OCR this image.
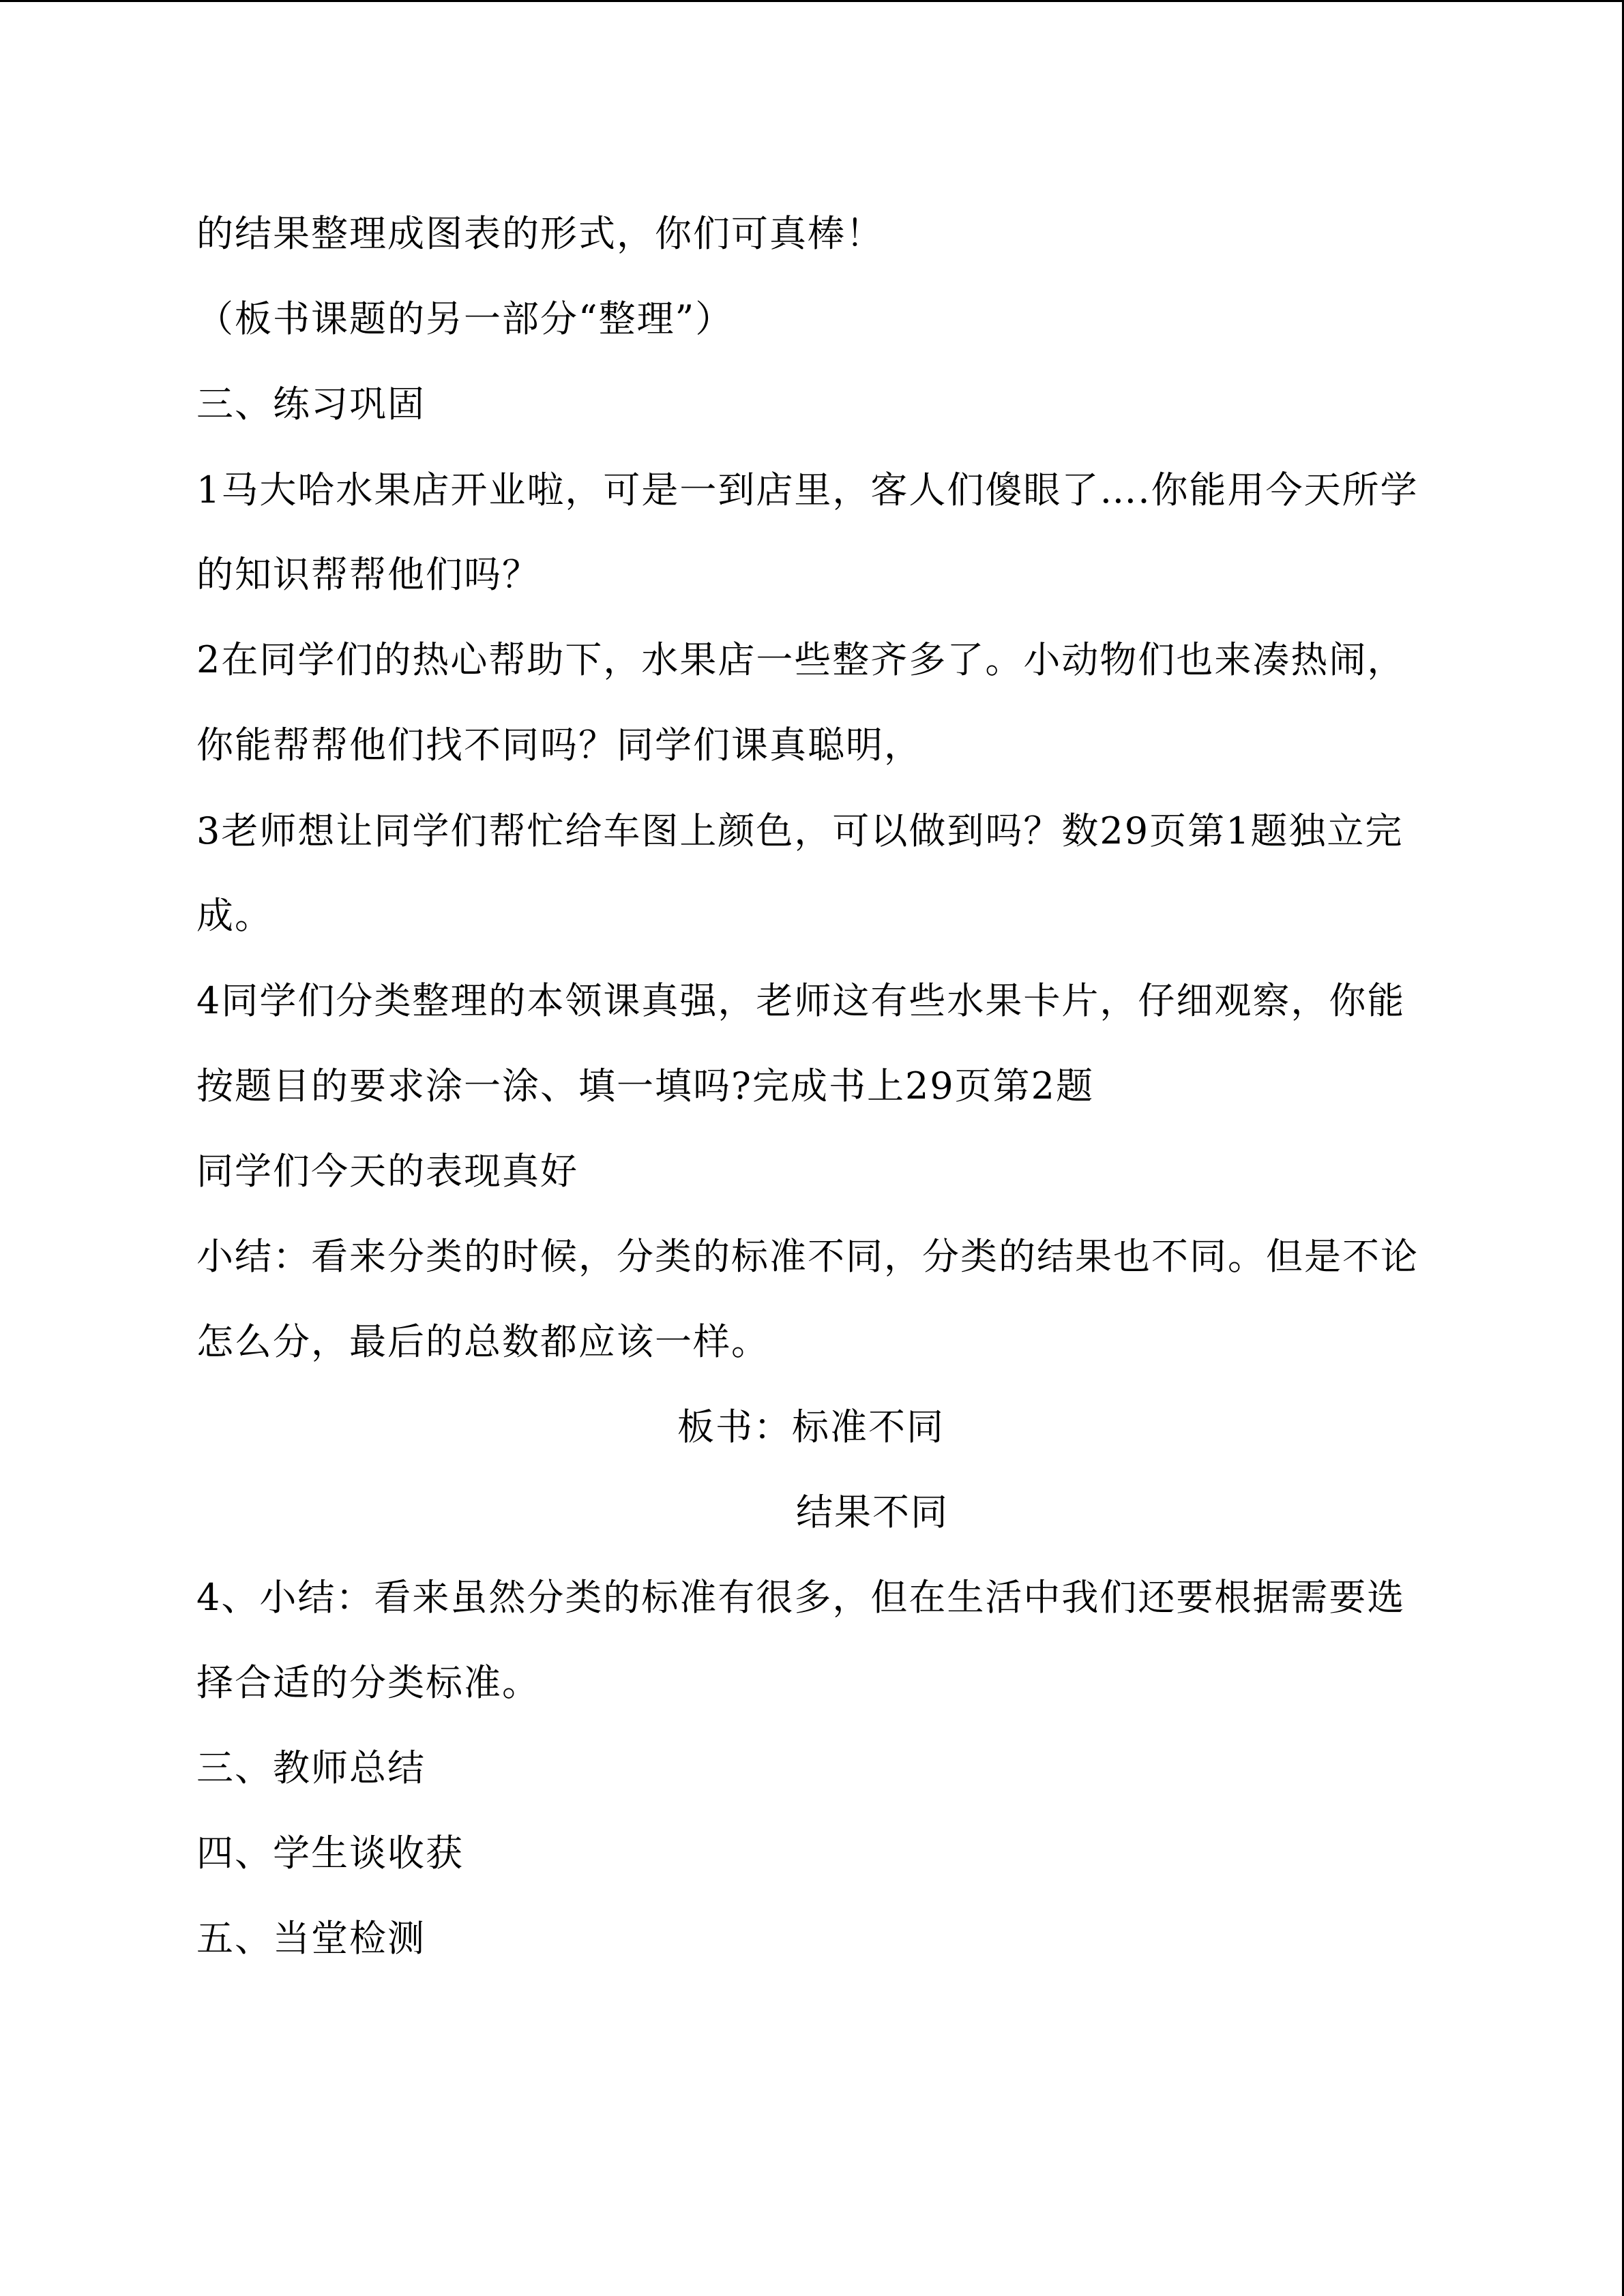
的结果整理成图表的形式，你们可真棒！
（板书课题的另一部分“整理”）
三、练习巩固
1马大哈水果店开业啦，可是一到店里，客人们傻眼了….你能用今天所学
的知识帮帮他们吗？
2在同学们的热心帮助下，水果店一些整齐多了。小动物们也来凑热闹，
你能帮帮他们找不同吗？同学们课真聪明，
3老师想让同学们帮忙给车图上颜色，可以做到吗？数29页第1题独立完
成。
4同学们分类整理的本领课真强，老师这有些水果卡片，仔细观察，你能
按题目的要求涂一涂、填一填吗?完成书上29页第2题
同学们今天的表现真好
小结：看来分类的时候，分类的标准不同，分类的结果也不同。但是不论
怎么分，最后的总数都应该一样。
板书：标准不同
结果不同
4、小结：看来虽然分类的标准有很多，但在生活中我们还要根据需要选
择合适的分类标准。
三、教师总结
四、学生谈收获
五、当堂检测
